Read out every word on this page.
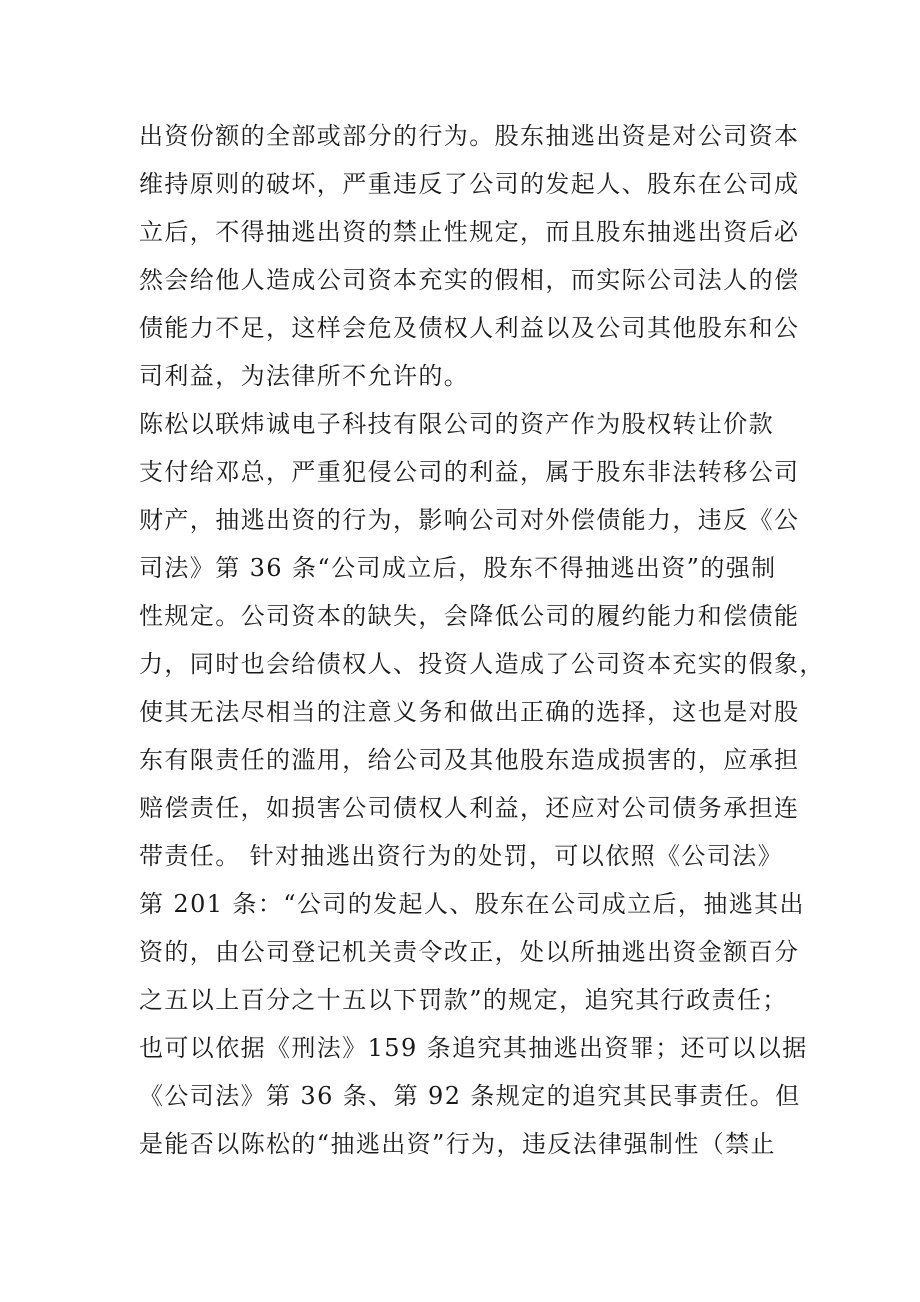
出资份额的全部或部分的行为。股东抽逃出资是对公司资本
维持原则的破坏，严重违反了公司的发起人、股东在公司成
立后，不得抽逃出资的禁止性规定，而且股东抽逃出资后必
然会给他人造成公司资本充实的假相，而实际公司法人的偿
债能力不足，这样会危及债权人利益以及公司其他股东和公
司利益，为法律所不允许的。
陈松以联炜诚电子科技有限公司的资产作为股权转让价款
支付给邓总，严重犯侵公司的利益，属于股东非法转移公司
财产，抽逃出资的行为，影响公司对外偿债能力，违反《公
司法》第 36 条“公司成立后，股东不得抽逃出资”的强制
性规定。公司资本的缺失，会降低公司的履约能力和偿债能
力，同时也会给债权人、投资人造成了公司资本充实的假象，
使其无法尽相当的注意义务和做出正确的选择，这也是对股
东有限责任的滥用，给公司及其他股东造成损害的，应承担
赔偿责任，如损害公司债权人利益，还应对公司债务承担连
带责任。 针对抽逃出资行为的处罚，可以依照《公司法》
第 201 条：“公司的发起人、股东在公司成立后，抽逃其出
资的，由公司登记机关责令改正，处以所抽逃出资金额百分
之五以上百分之十五以下罚款”的规定，追究其行政责任；
也可以依据《刑法》159 条追究其抽逃出资罪；还可以以据
《公司法》第 36 条、第 92 条规定的追究其民事责任。但
是能否以陈松的“抽逃出资”行为，违反法律强制性（禁止
